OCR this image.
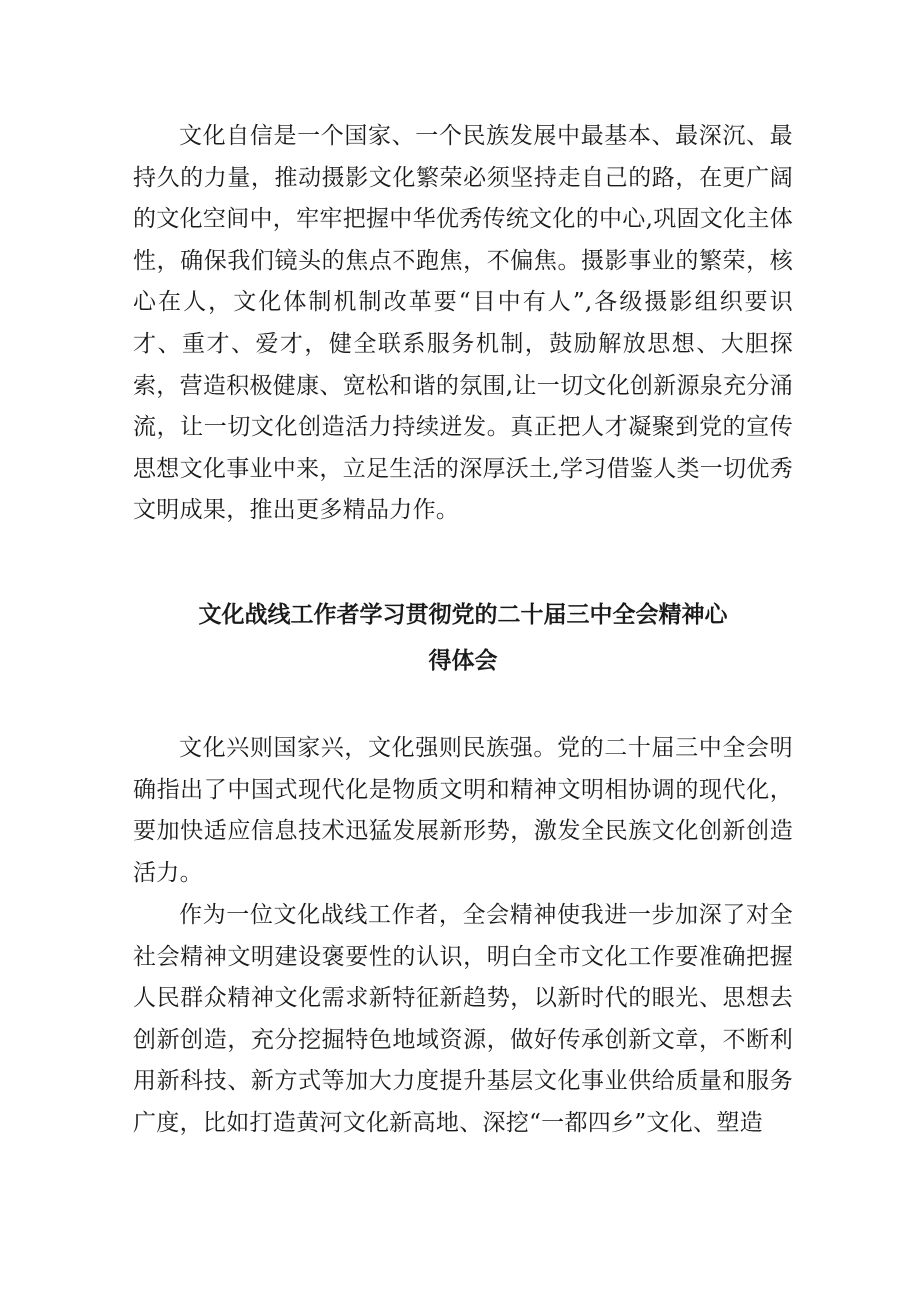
文化自信是一个国家、一个民族发展中最基本、最深沉、最持久的力量，推动摄影文化繁荣必须坚持走自己的路，在更广阔的文化空间中，牢牢把握中华优秀传统文化的中心,巩固文化主体性，确保我们镜头的焦点不跑焦，不偏焦。摄影事业的繁荣，核心在人，文化体制机制改革要“目中有人”,各级摄影组织要识才、重才、爱才，健全联系服务机制，鼓励解放思想、大胆探索，营造积极健康、宽松和谐的氛围,让一切文化创新源泉充分涌流，让一切文化创造活力持续迸发。真正把人才凝聚到党的宣传思想文化事业中来，立足生活的深厚沃土,学习借鉴人类一切优秀文明成果，推出更多精品力作。

文化战线工作者学习贯彻党的二十届三中全会精神心
得体会

文化兴则国家兴，文化强则民族强。党的二十届三中全会明确指出了中国式现代化是物质文明和精神文明相协调的现代化，要加快适应信息技术迅猛发展新形势，激发全民族文化创新创造活力。

作为一位文化战线工作者，全会精神使我进一步加深了对全社会精神文明建设褒要性的认识，明白全市文化工作要准确把握人民群众精神文化需求新特征新趋势，以新时代的眼光、思想去创新创造，充分挖掘特色地域资源，做好传承创新文章，不断利用新科技、新方式等加大力度提升基层文化事业供给质量和服务广度，比如打造黄河文化新高地、深挖“一都四乡”文化、塑造
